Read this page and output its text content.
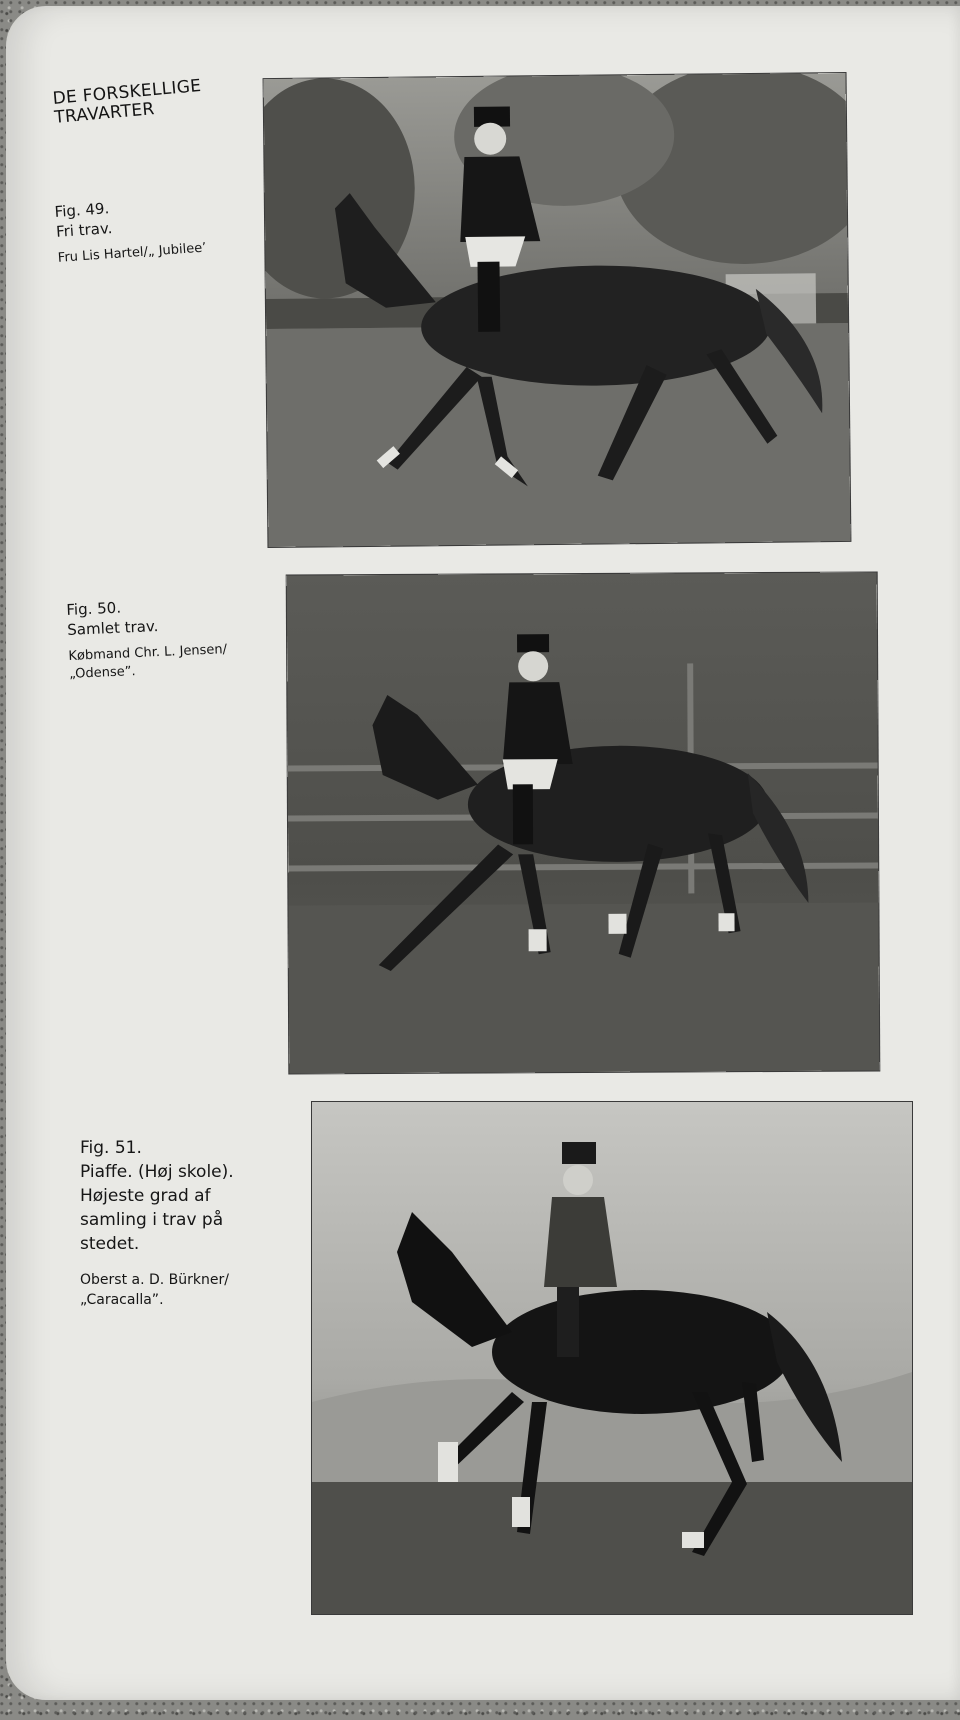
DE FORSKELLIGE TRAVARTER
Fig. 49.
Fri trav.
Fru Lis Hartel/„ Jubilee’
Fig. 50.
Samlet trav.
Købmand Chr. L. Jensen/„Odense”.
Fig. 51.
Piaffe. (Høj skole). Højeste grad af samling i trav på stedet.
Oberst a. D. Bürkner/ „Caracalla”.
